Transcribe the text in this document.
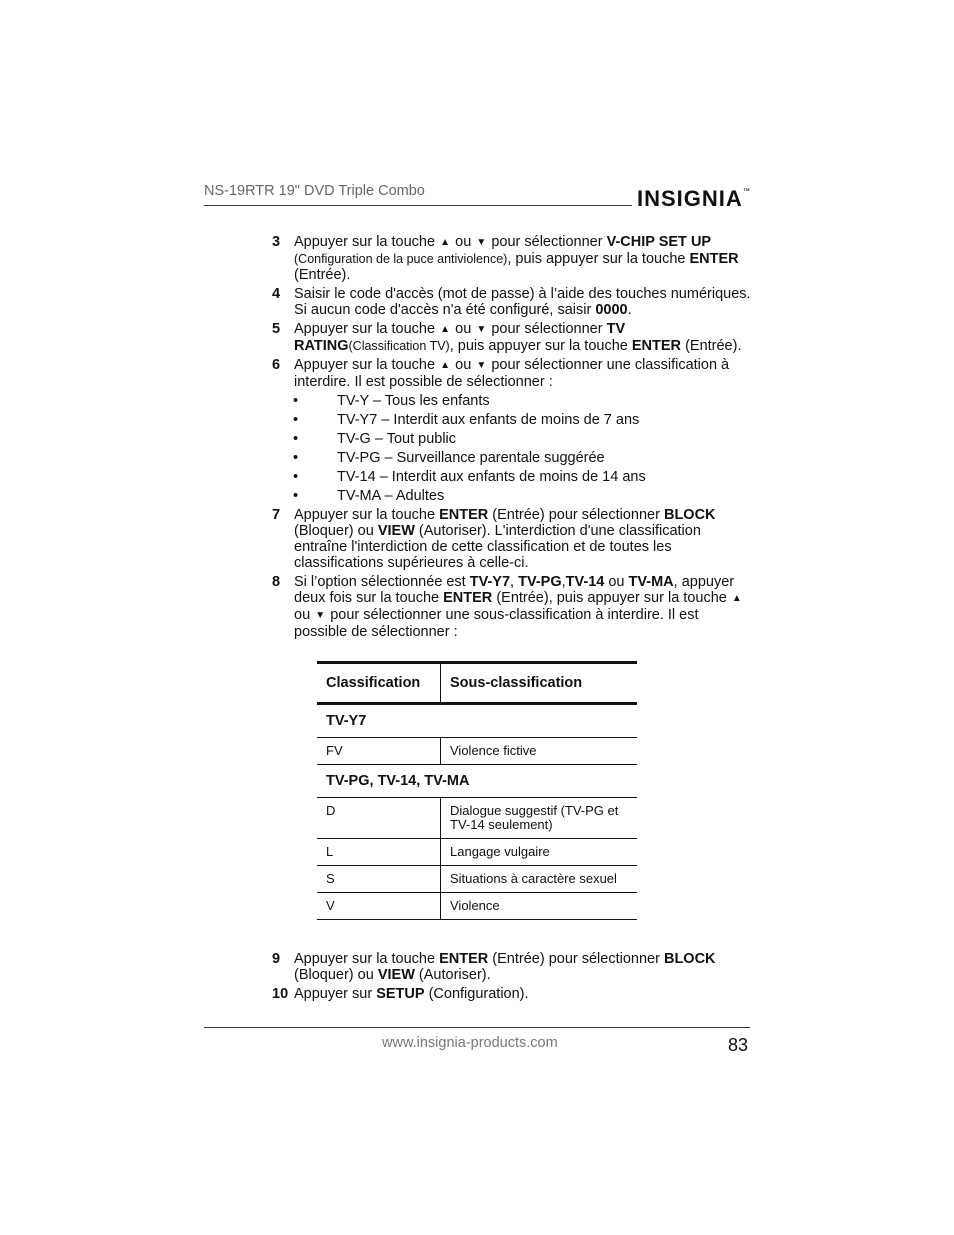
NS-19RTR 19" DVD Triple Combo	INSIGNIA™
3 Appuyer sur la touche ▲ ou ▼ pour sélectionner V-CHIP SET UP (Configuration de la puce antiviolence), puis appuyer sur la touche ENTER (Entrée).
4 Saisir le code d'accès (mot de passe) à l’aide des touches numériques. Si aucun code d'accès n'a été configuré, saisir 0000.
5 Appuyer sur la touche ▲ ou ▼ pour sélectionner TV RATING(Classification TV), puis appuyer sur la touche ENTER (Entrée).
6 Appuyer sur la touche ▲ ou ▼ pour sélectionner une classification à interdire. Il est possible de sélectionner :
•	TV-Y – Tous les enfants
•	TV-Y7 – Interdit aux enfants de moins de 7 ans
•	TV-G – Tout public
•	TV-PG – Surveillance parentale suggérée
•	TV-14 – Interdit aux enfants de moins de 14 ans
•	TV-MA – Adultes
7 Appuyer sur la touche ENTER (Entrée) pour sélectionner BLOCK (Bloquer) ou VIEW (Autoriser). L'interdiction d'une classification entraîne l'interdiction de cette classification et de toutes les classifications supérieures à celle-ci.
8 Si l’option sélectionnée est TV-Y7, TV-PG,TV-14 ou TV-MA, appuyer deux fois sur la touche ENTER (Entrée), puis appuyer sur la touche ▲ ou ▼ pour sélectionner une sous-classification à interdire. Il est possible de sélectionner :
Classification	Sous-classification
TV-Y7	
FV	Violence fictive
TV-PG, TV-14, TV-MA	
D	Dialogue suggestif (TV-PG et TV-14 seulement)
L	Langage vulgaire
S	Situations à caractère sexuel
V	Violence
9 Appuyer sur la touche ENTER (Entrée) pour sélectionner BLOCK (Bloquer) ou VIEW (Autoriser).
10 Appuyer sur SETUP (Configuration).
www.insignia-products.com	83
